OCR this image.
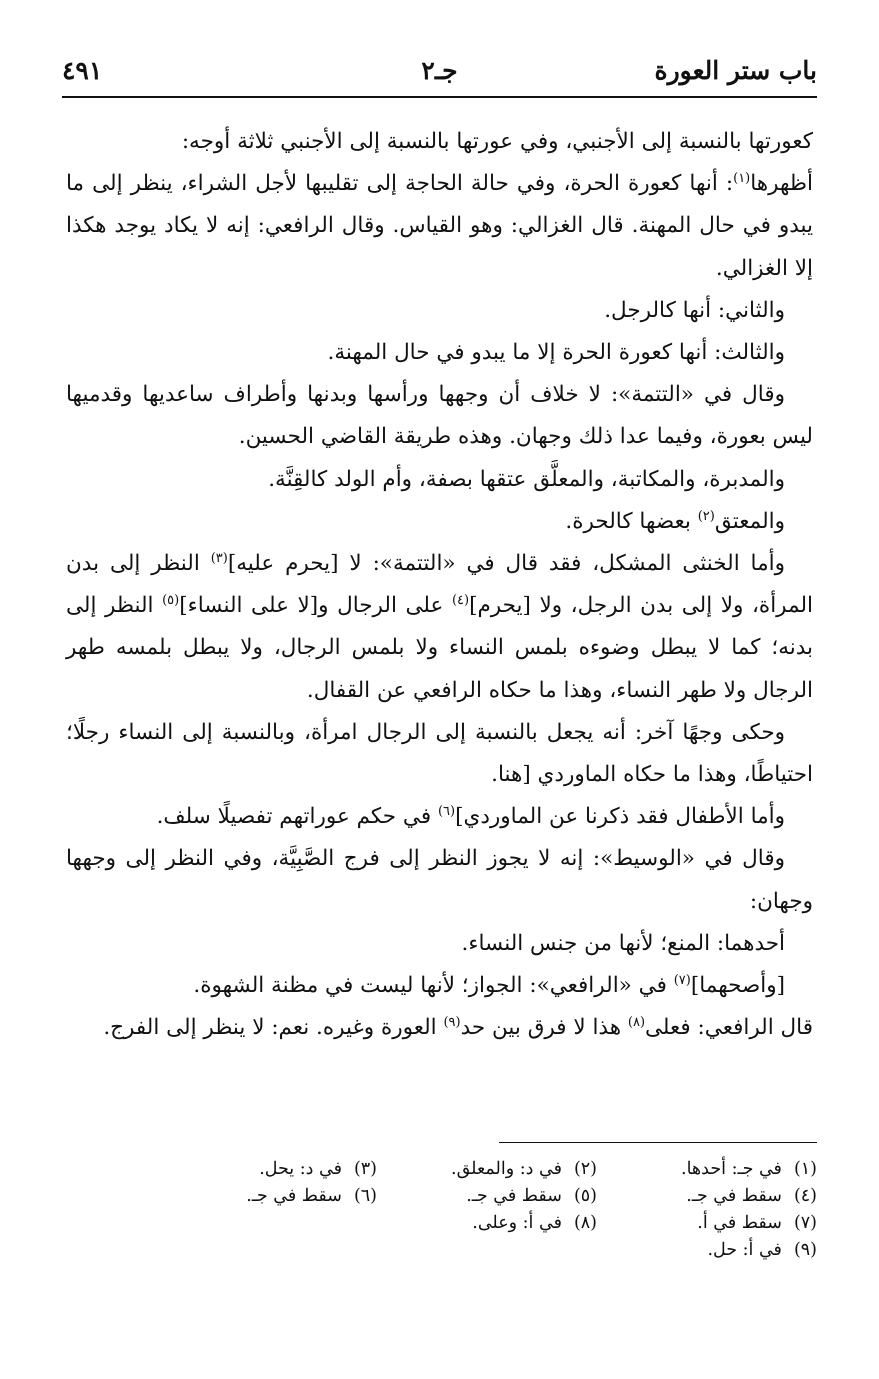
باب ستر العورة
جـ٢
٤٩١

كعورتها بالنسبة إلى الأجنبي، وفي عورتها بالنسبة إلى الأجنبي ثلاثة أوجه:

أظهرها$^{(١)}$: أنها كعورة الحرة، وفي حالة الحاجة إلى تقليبها لأجل الشراء، ينظر إلى ما يبدو في حال المهنة. قال الغزالي: وهو القياس. وقال الرافعي: إنه لا يكاد يوجد هكذا إلا الغزالي.

والثاني: أنها كالرجل.

والثالث: أنها كعورة الحرة إلا ما يبدو في حال المهنة.

وقال في «التتمة»: لا خلاف أن وجهها ورأسها وبدنها وأطراف ساعديها وقدميها ليس بعورة، وفيما عدا ذلك وجهان. وهذه طريقة القاضي الحسين.

والمدبرة، والمكاتبة، والمعلَّق عتقها بصفة، وأم الولد كالقِنَّة.

والمعتق$^{(٢)}$ بعضها كالحرة.

وأما الخنثى المشكل، فقد قال في «التتمة»: لا [يحرم عليه]$^{(٣)}$ النظر إلى بدن المرأة، ولا إلى بدن الرجل، ولا [يحرم]$^{(٤)}$ على الرجال و[لا على النساء]$^{(٥)}$ النظر إلى بدنه؛ كما لا يبطل وضوءه بلمس النساء ولا بلمس الرجال، ولا يبطل بلمسه طهر الرجال ولا طهر النساء، وهذا ما حكاه الرافعي عن القفال.

وحكى وجهًا آخر: أنه يجعل بالنسبة إلى الرجال امرأة، وبالنسبة إلى النساء رجلًا؛ احتياطًا، وهذا ما حكاه الماوردي [هنا.

وأما الأطفال فقد ذكرنا عن الماوردي]$^{(٦)}$ في حكم عوراتهم تفصيلًا سلف.

وقال في «الوسيط»: إنه لا يجوز النظر إلى فرج الصَّبِيَّة، وفي النظر إلى وجهها وجهان:

أحدهما: المنع؛ لأنها من جنس النساء.

[وأصحهما]$^{(٧)}$ في «الرافعي»: الجواز؛ لأنها ليست في مظنة الشهوة.

قال الرافعي: فعلى$^{(٨)}$ هذا لا فرق بين حد$^{(٩)}$ العورة وغيره. نعم: لا ينظر إلى الفرج.

(١)في جـ: أحدها.
(٢)في د: والمعلق.
(٣)في د: يحل.
(٤)سقط في جـ.
(٥)سقط في جـ.
(٦)سقط في جـ.
(٧)سقط في أ.
(٨)في أ: وعلى.
(٩)في أ: حل.
